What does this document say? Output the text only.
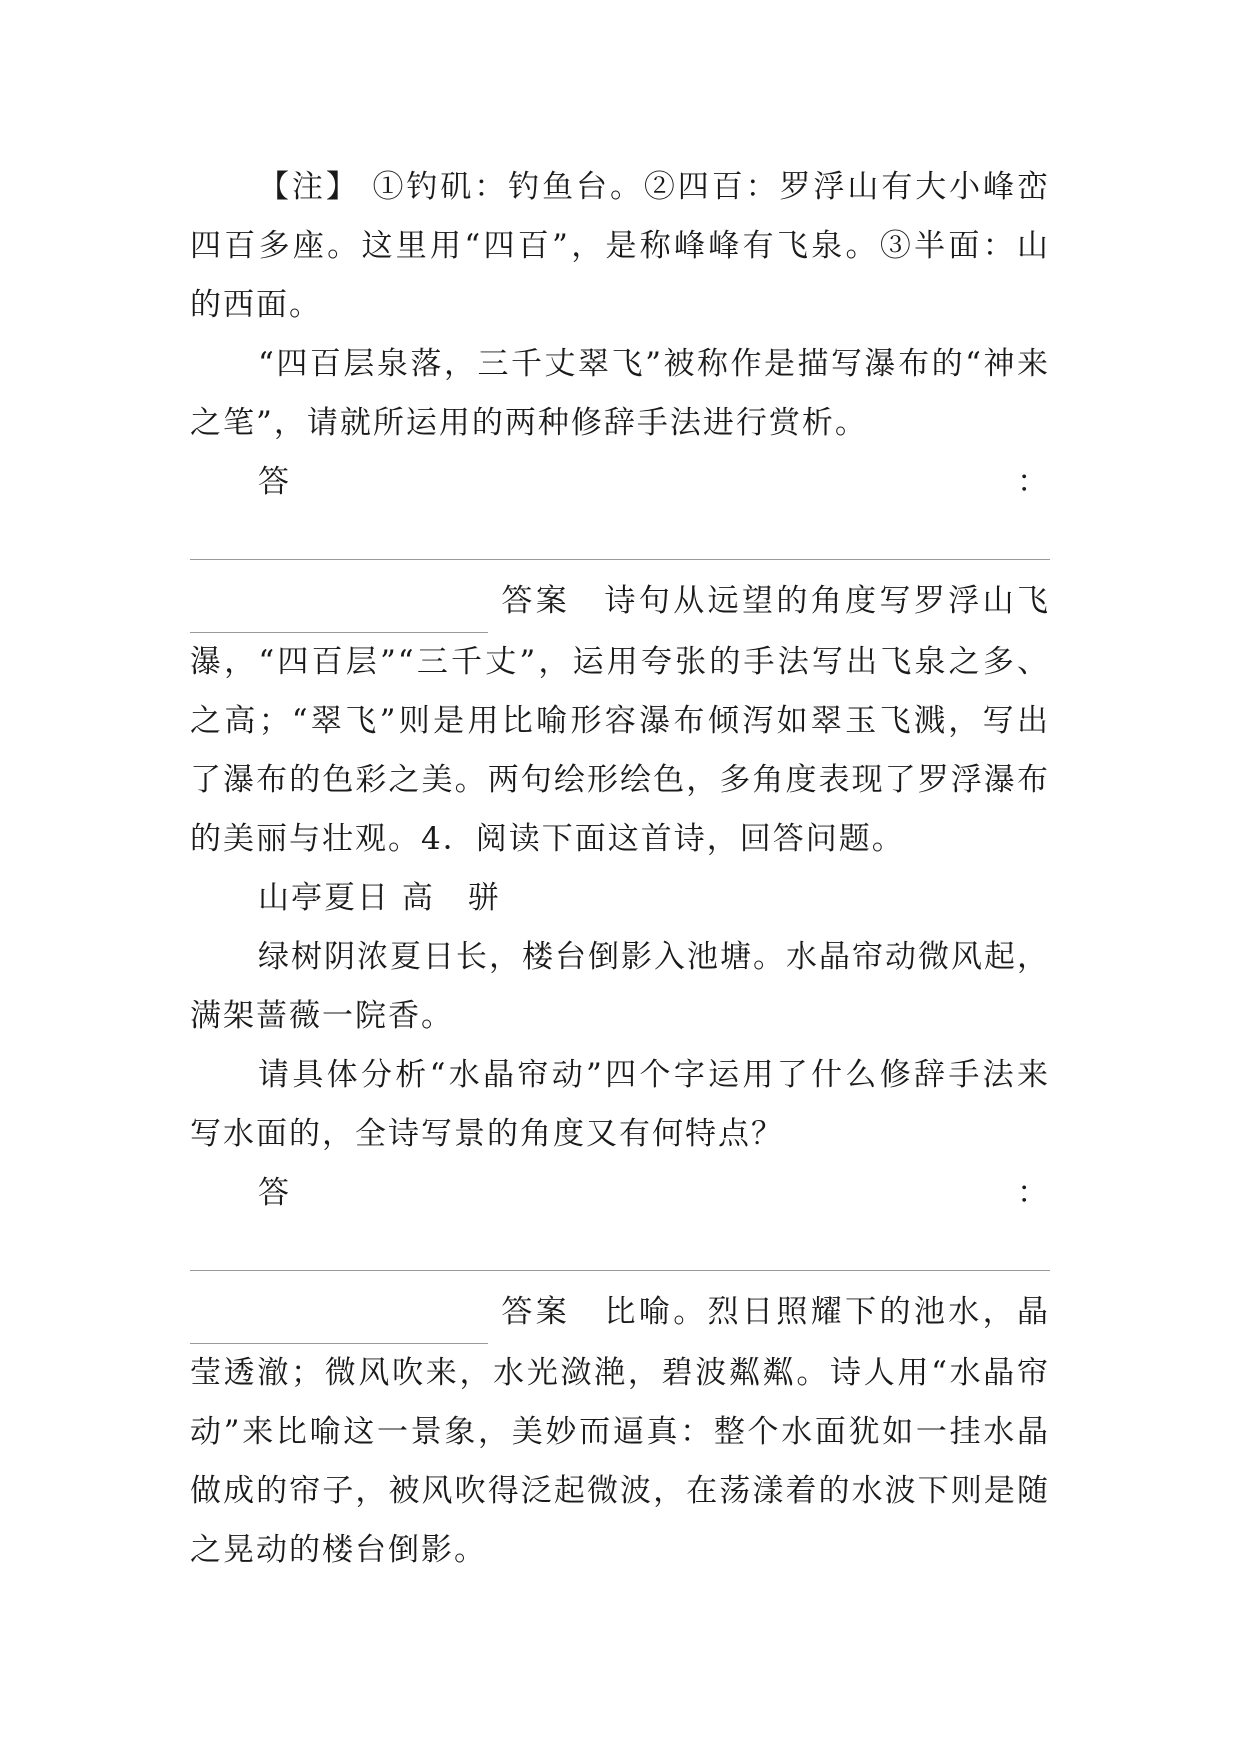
【注】 ①钓矶：钓鱼台。②四百：罗浮山有大小峰峦四百多座。这里用“四百”，是称峰峰有飞泉。③半面：山的西面。

“四百层泉落，三千丈翠飞”被称作是描写瀑布的“神来之笔”，请就所运用的两种修辞手法进行赏析。

答	：

答案　诗句从远望的角度写罗浮山飞瀑，“四百层”“三千丈”，运用夸张的手法写出飞泉之多、之高；“翠飞”则是用比喻形容瀑布倾泻如翠玉飞溅，写出了瀑布的色彩之美。两句绘形绘色，多角度表现了罗浮瀑布的美丽与壮观。4．阅读下面这首诗，回答问题。

山亭夏日 高　骈

绿树阴浓夏日长，楼台倒影入池塘。水晶帘动微风起，满架蔷薇一院香。

请具体分析“水晶帘动”四个字运用了什么修辞手法来写水面的，全诗写景的角度又有何特点？

答	：

答案　比喻。烈日照耀下的池水，晶莹透澈；微风吹来，水光潋滟，碧波粼粼。诗人用“水晶帘动”来比喻这一景象，美妙而逼真：整个水面犹如一挂水晶做成的帘子，被风吹得泛起微波，在荡漾着的水波下则是随之晃动的楼台倒影。
